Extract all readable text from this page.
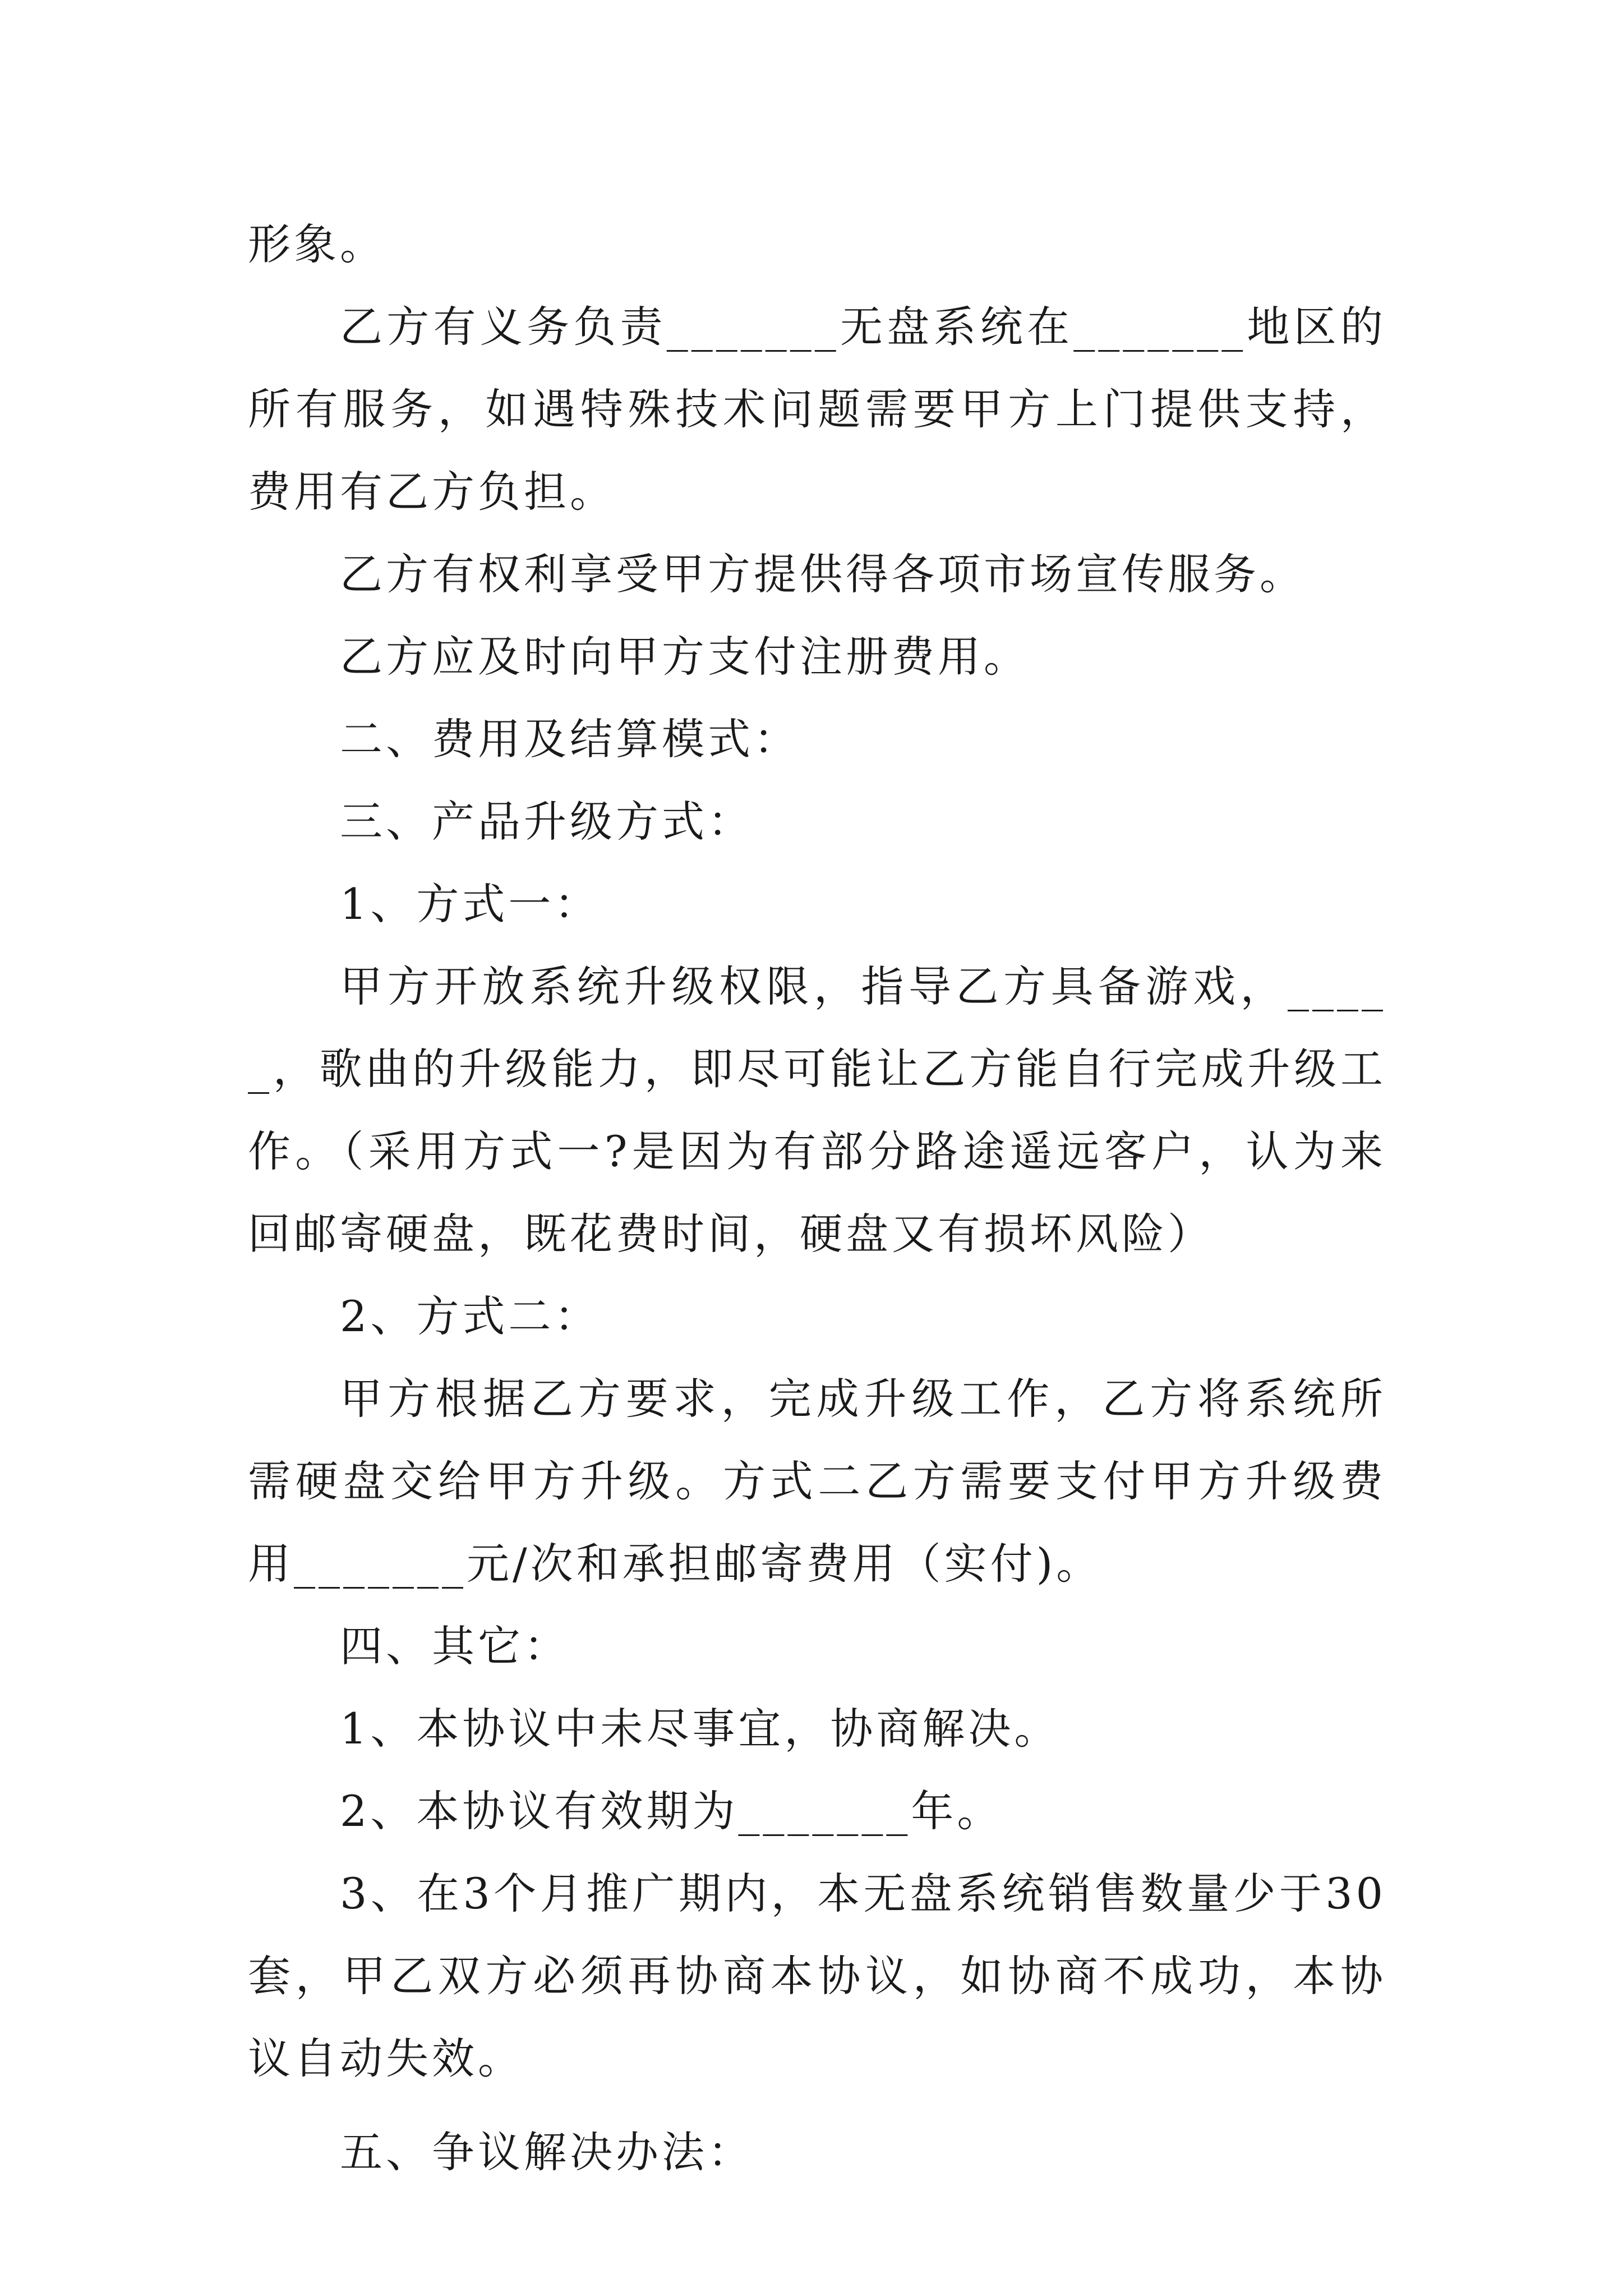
形象。

乙方有义务负责_______无盘系统在_______地区的所有服务，如遇特殊技术问题需要甲方上门提供支持，费用有乙方负担。

乙方有权利享受甲方提供得各项市场宣传服务。

乙方应及时向甲方支付注册费用。

二、费用及结算模式：

三、产品升级方式：

1、方式一：

甲方开放系统升级权限，指导乙方具备游戏，_____，歌曲的升级能力，即尽可能让乙方能自行完成升级工作。（采用方式一?是因为有部分路途遥远客户，认为来回邮寄硬盘，既花费时间，硬盘又有损坏风险）

2、方式二：

甲方根据乙方要求，完成升级工作，乙方将系统所需硬盘交给甲方升级。方式二乙方需要支付甲方升级费用_______元/次和承担邮寄费用（实付)。

四、其它：

1、本协议中未尽事宜，协商解决。

2、本协议有效期为_______年。

3、在3个月推广期内，本无盘系统销售数量少于30套，甲乙双方必须再协商本协议，如协商不成功，本协议自动失效。

五、争议解决办法：
